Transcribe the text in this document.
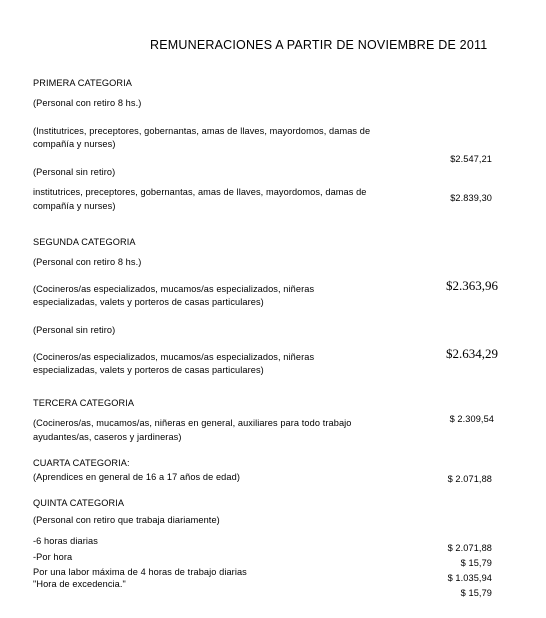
REMUNERACIONES A PARTIR DE NOVIEMBRE DE 2011
PRIMERA CATEGORIA
(Personal con retiro 8 hs.)
(Institutrices, preceptores, gobernantas, amas de llaves, mayordomos, damas de
compañía y nurses)
$2.547,21
(Personal sin retiro)
institutrices, preceptores, gobernantas, amas de llaves, mayordomos, damas de
$2.839,30
compañía y nurses)
SEGUNDA CATEGORIA
(Personal con retiro 8 hs.)
$2.363,96
(Cocineros/as especializados, mucamos/as especializados, niñeras
especializadas, valets y porteros de casas particulares)
(Personal sin retiro)
$2.634,29
(Cocineros/as especializados, mucamos/as especializados, niñeras
especializadas, valets y porteros de casas particulares)
TERCERA CATEGORIA
$ 2.309,54
(Cocineros/as, mucamos/as, niñeras en general, auxiliares para todo trabajo
ayudantes/as, caseros y jardineras)
CUARTA CATEGORIA:
(Aprendices en general de 16 a 17 años de edad)	$ 2.071,88
QUINTA CATEGORIA
(Personal con retiro que trabaja diariamente)
-6 horas diarias
$ 2.071,88
-Por hora
$ 15,79
Por una labor máxima de 4 horas de trabajo diarias
$ 1.035,94
"Hora de excedencia."
$ 15,79
